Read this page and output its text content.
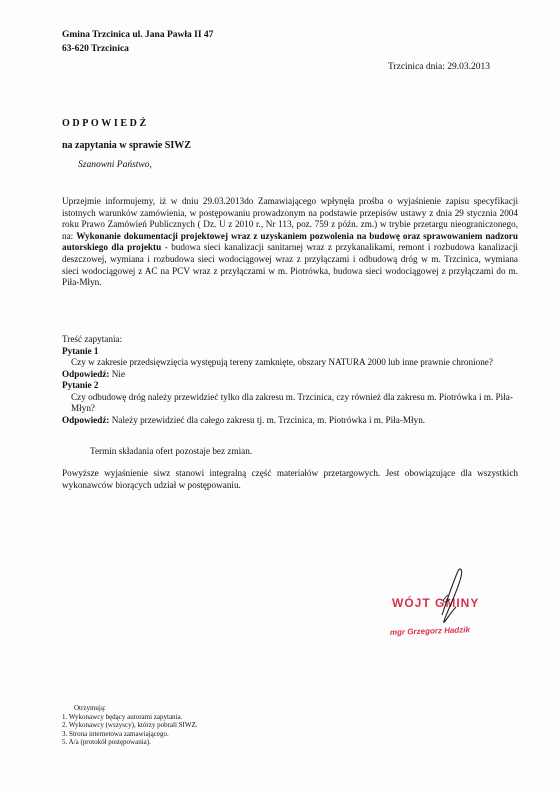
Gmina Trzcinica ul. Jana Pawła II 47
63-620 Trzcinica
Trzcinica dnia: 29.03.2013
ODPOWIEDŹ
na zapytania w sprawie SIWZ
Szanowni Państwo,
Uprzejmie informujemy, iż w dniu 29.03.2013do Zamawiającego wpłynęła prośba o wyjaśnienie zapisu specyfikacji istotnych warunków zamówienia, w postępowaniu prowadzonym na podstawie przepisów ustawy z dnia 29 stycznia 2004 roku Prawo Zamówień Publicznych ( Dz. U z 2010 r., Nr 113, poz. 759 z późn. zm.) w trybie przetargu nieograniczonego, na: Wykonanie dokumentacji projektowej wraz z uzyskaniem pozwolenia na budowę oraz sprawowaniem nadzoru autorskiego dla projektu - budowa sieci kanalizacji sanitarnej wraz z przykanalikami, remont i rozbudowa kanalizacji deszczowej, wymiana i rozbudowa sieci wodociągowej wraz z przyłączami i odbudową dróg w m. Trzcinica, wymiana sieci wodociągowej z AC na PCV wraz z przyłączami w m. Piotrówka, budowa sieci wodociągowej z przyłączami do m. Piła-Młyn.
Treść zapytania:
Pytanie 1
Czy w zakresie przedsięwzięcia występują tereny zamknięte, obszary NATURA 2000 lub inne prawnie chronione?
Odpowiedź: Nie
Pytanie 2
Czy odbudowę dróg należy przewidzieć tylko dla zakresu m. Trzcinica, czy również dla zakresu m. Piotrówka i m. Piła-Młyn?
Odpowiedź: Należy przewidzieć dla całego zakresu tj. m. Trzcinica, m. Piotrówka i m. Piła-Młyn.
Termin składania ofert pozostaje bez zmian.
Powyższe wyjaśnienie siwz stanowi integralną część materiałów przetargowych. Jest obowiązujące dla wszystkich wykonawców biorących udział w postępowaniu.
WÓJT GMINY
mgr Grzegorz Hadzik
Otrzymują:
1. Wykonawcy będący autorami zapytania.
2. Wykonawcy (wszyscy), którzy pobrali SIWZ.
3. Strona internetowa zamawiającego.
5. A/a (protokół postępowania).
